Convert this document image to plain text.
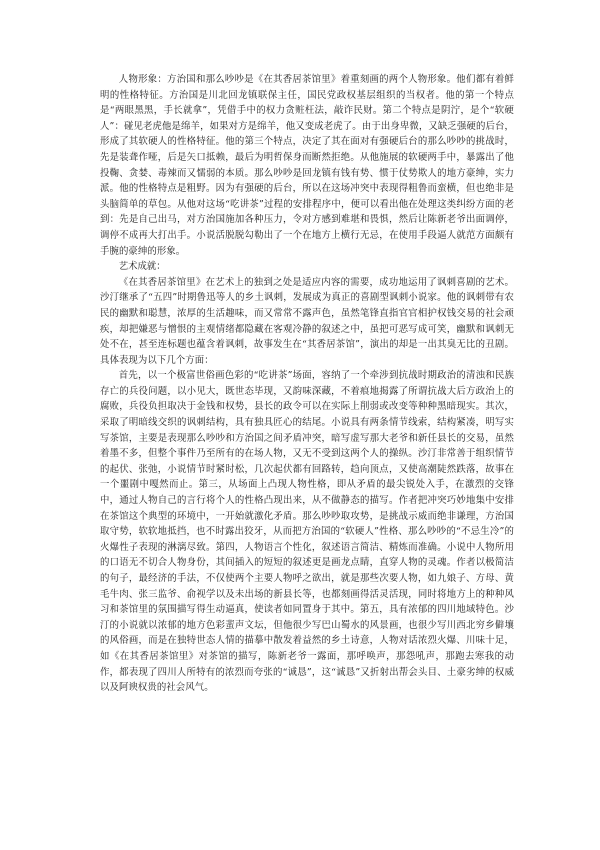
人物形象：方治国和那么吵吵是《在其香居茶馆里》着重刻画的两个人物形象。他们都有着鲜明的性格特征。方治国是川北回龙镇联保主任，国民党政权基层组织的当权者。他的第一个特点是“两眼黑黑，手长就拿”，凭借手中的权力贪赃枉法，敲诈民财。第二个特点是阴泞，是个“软硬人”：碰见老虎他是绵羊，如果对方是绵羊，他又变成老虎了。由于出身卑微，又缺乏强硬的后台，形成了其软硬人的性格特征。他的第三个特点，决定了其在面对有强硬后台的那么吵吵的挑战时，先是装聋作哑，后是矢口抵赖，最后为明哲保身而断然拒绝。从他施展的软硬两手中，暴露出了他投鞠、贪婪、毒辣而又懦弱的本质。那么吵吵是回龙镇有钱有势、惯于仗势欺人的地方豪绅，实力派。他的性格特点是粗野。因为有强硬的后台，所以在这场冲突中表现得粗鲁而蛮横，但也绝非是头脑简单的草包。从他对这场“吃讲茶”过程的安排程序中，便可以看出他在处理这类纠纷方面的老到：先是自己出马，对方治国施加各种压力，令对方感到难堪和畏惧，然后让陈新老爷出面调停，调停不成再大打出手。小说活脱脱勾勒出了一个在地方上横行无忌，在使用手段逼人就范方面颇有手腕的豪绅的形象。

艺术成就：

《在其香居茶馆里》在艺术上的独到之处是适应内容的需要，成功地运用了讽刺喜剧的艺术。沙汀继承了“五四”时期鲁迅等人的乡土讽刺，发展成为真正的喜剧型讽刺小说家。他的讽刺带有农民的幽默和聪慧，浓厚的生活趣味，而又常常不露声色，虽然笔锋直指官官相护权钱交易的社会顽疾，却把嫌恶与憎恨的主观情绪都隐藏在客观冷静的叙述之中，虽把可恶写成可笑，幽默和讽刺无处不在，甚至连标题也蕴含着讽刺，故事发生在“其香居茶馆”，演出的却是一出其臭无比的丑剧。具体表现为以下几个方面：

首先，以一个极富世俗画色彩的“吃讲茶”场面，容纳了一个牵涉到抗战时期政治的清浊和民族存亡的兵役问题，以小见大，既世态毕现，又韵味深藏，不着痕地揭露了所谓抗战大后方政治上的腐败，兵役负担取决于金钱和权势，县长的政令可以在实际上削弱或改变等种种黑暗现实。其次，采取了明暗线交织的讽刺结构，具有独具匠心的结尾。小说具有两条情节线索，结构紧凑，明写实写茶馆，主要是表现那么吵吵和方治国之间矛盾冲突，暗写虚写那大老爷和新任县长的交易，虽然着墨不多，但整个事件乃至所有的在场人物，又无不受到这两个人的操纵。沙汀非常善于组织情节的起伏、张弛，小说情节时紧时松，几次起伏都有回路转，趋向顶点，又使高潮陡然跌落，故事在一个噩剧中嘎然而止。第三，从场面上凸现人物性格，即从矛盾的最尖锐处入手，在激烈的交锋中，通过人物自己的言行将个人的性格凸现出来，从不做静态的描写。作者把冲突巧妙地集中安排在茶馆这个典型的环境中，一开始就激化矛盾。那么吵吵取攻势，是挑战示威而绝非谦理，方治国取守势，软软地抵挡，也不时露出狡牙，从而把方治国的“软硬人”性格、那么吵吵的“不忌生冷”的火爆性子表现的淋漓尽致。第四，人物语言个性化，叙述语言简洁、精炼而准确。小说中人物所用的口语无不切合人物身份，其间插入的短短的叙述更是画龙点睛，直穿人物的灵魂。作者以极简洁的句子，最经济的手法，不仅使两个主要人物呼之欲出，就是那些次要人物，如九娘子、方母、黄毛牛肉、张三监爷、俞视学以及未出场的新县长等，也都刻画得活灵活现，同时将地方上的种种风习和茶馆里的氛围描写得生动逼真，使读者如同置身于其中。第五，具有浓郁的四川地域特色。沙汀的小说就以浓郁的地方色彩蜚声文坛，但他很少写巴山蜀水的风景画，也很少写川西北穷乡僻壤的风俗画，而是在独特世态人情的描摹中散发着益然的乡土诗意，人物对话浓烈火爆、川味十足，如《在其香居茶馆里》对茶馆的描写，陈新老爷一露面，那呼唤声，那怨吼声，那跑去寒我的动作，都表现了四川人所特有的浓烈而夸张的“诚恳”，这“诚恳”又折射出帮会头目、土豪劣绅的权威以及阿谀权贵的社会风气。
